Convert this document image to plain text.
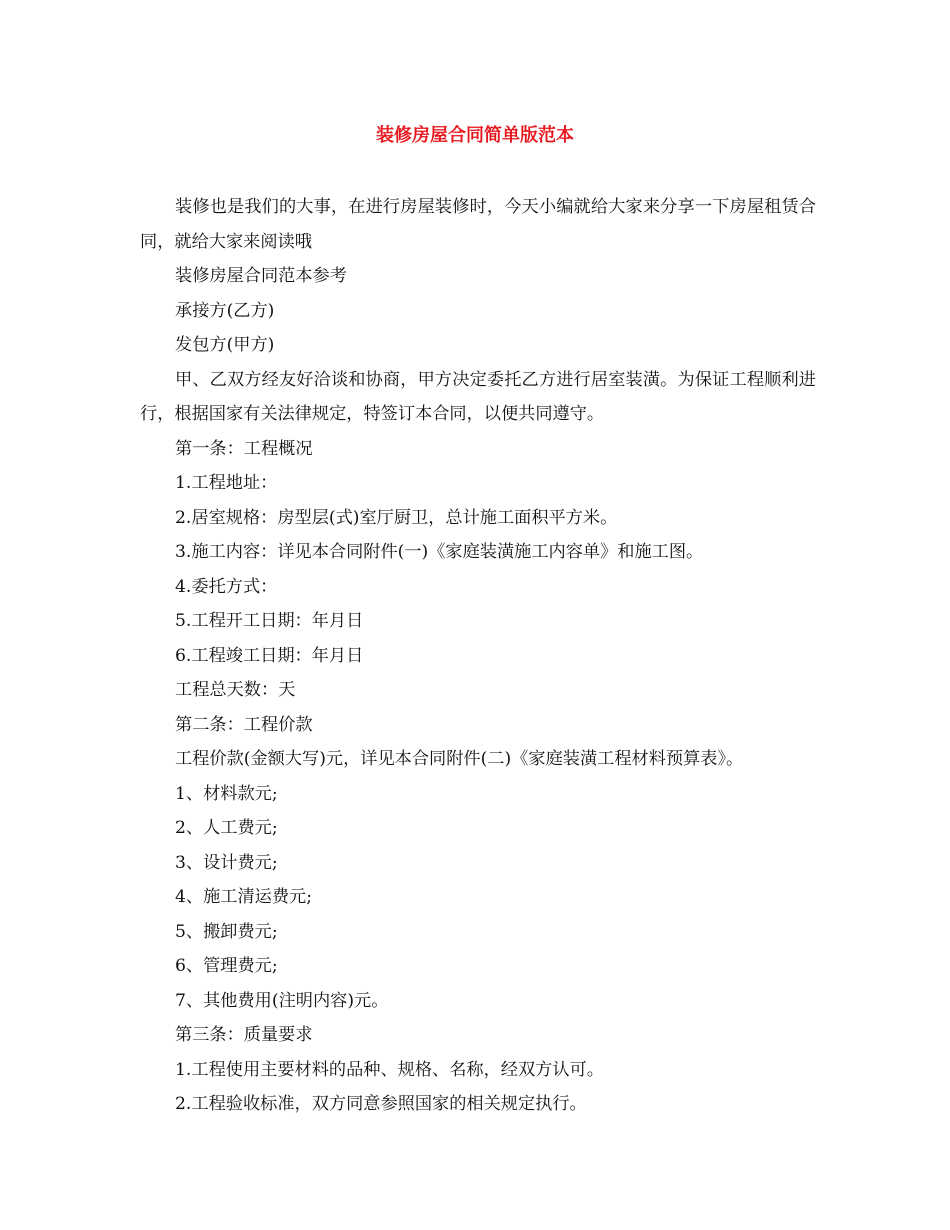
装修房屋合同简单版范本

装修也是我们的大事，在进行房屋装修时，今天小编就给大家来分享一下房屋租赁合同，就给大家来阅读哦

装修房屋合同范本参考

承接方(乙方)

发包方(甲方)

甲、乙双方经友好洽谈和协商，甲方决定委托乙方进行居室装潢。为保证工程顺利进行，根据国家有关法律规定，特签订本合同，以便共同遵守。

第一条：工程概况

1.工程地址：

2.居室规格：房型层(式)室厅厨卫，总计施工面积平方米。

3.施工内容：详见本合同附件(一)《家庭装潢施工内容单》和施工图。

4.委托方式：

5.工程开工日期：年月日

6.工程竣工日期：年月日

工程总天数：天

第二条：工程价款

工程价款(金额大写)元，详见本合同附件(二)《家庭装潢工程材料预算表》。

1、材料款元;

2、人工费元;

3、设计费元;

4、施工清运费元;

5、搬卸费元;

6、管理费元;

7、其他费用(注明内容)元。

第三条：质量要求

1.工程使用主要材料的品种、规格、名称，经双方认可。

2.工程验收标准，双方同意参照国家的相关规定执行。
